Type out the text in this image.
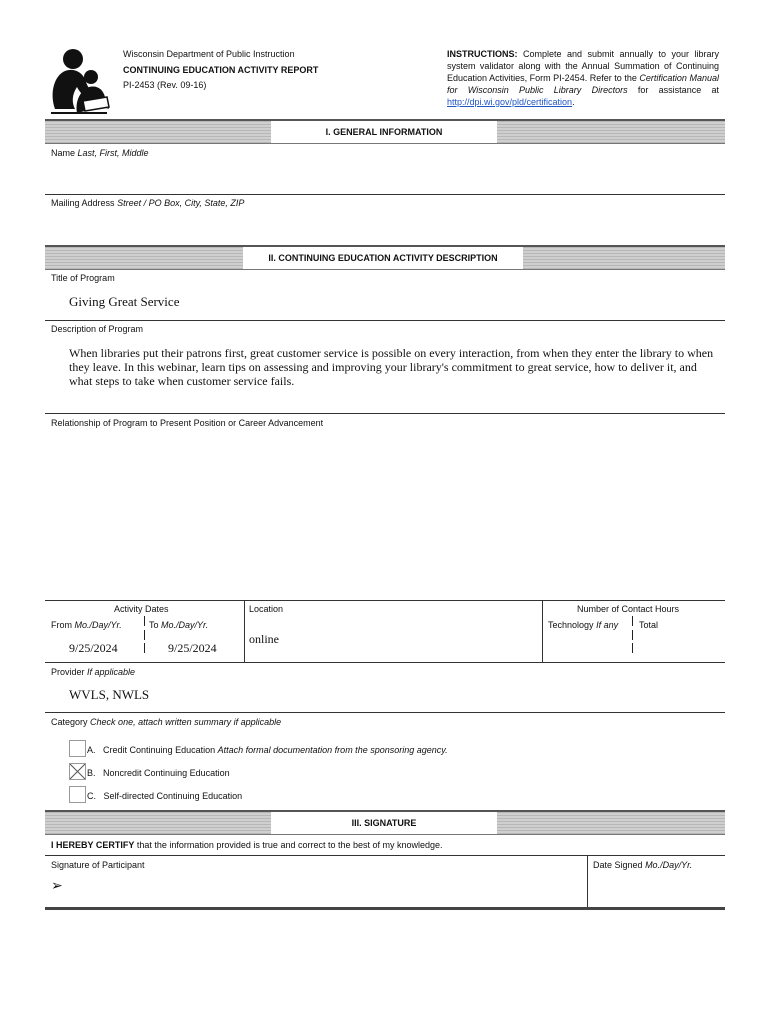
Wisconsin Department of Public Instruction
CONTINUING EDUCATION ACTIVITY REPORT
PI-2453 (Rev. 09-16)
INSTRUCTIONS: Complete and submit annually to your library system validator along with the Annual Summation of Continuing Education Activities, Form PI-2454. Refer to the Certification Manual for Wisconsin Public Library Directors for assistance at http://dpi.wi.gov/pld/certification.
I. GENERAL INFORMATION
Name Last, First, Middle
Mailing Address Street / PO Box, City, State, ZIP
II. CONTINUING EDUCATION ACTIVITY DESCRIPTION
Title of Program
Giving Great Service
Description of Program
When libraries put their patrons first, great customer service is possible on every interaction, from when they enter the library to when they leave. In this webinar, learn tips on assessing and improving your library's commitment to great service, how to deliver it, and what steps to take when customer service fails.
Relationship of Program to Present Position or Career Advancement
Activity Dates
From Mo./Day/Yr.	To Mo./Day/Yr.
9/25/2024	9/25/2024
Location
online
Number of Contact Hours
Technology If any Total
Provider If applicable
WVLS, NWLS
Category Check one, attach written summary if applicable
A. Credit Continuing Education Attach formal documentation from the sponsoring agency.
B. Noncredit Continuing Education
C. Self-directed Continuing Education
III. SIGNATURE
I HEREBY CERTIFY that the information provided is true and correct to the best of my knowledge.
Signature of Participant
➢
Date Signed Mo./Day/Yr.
